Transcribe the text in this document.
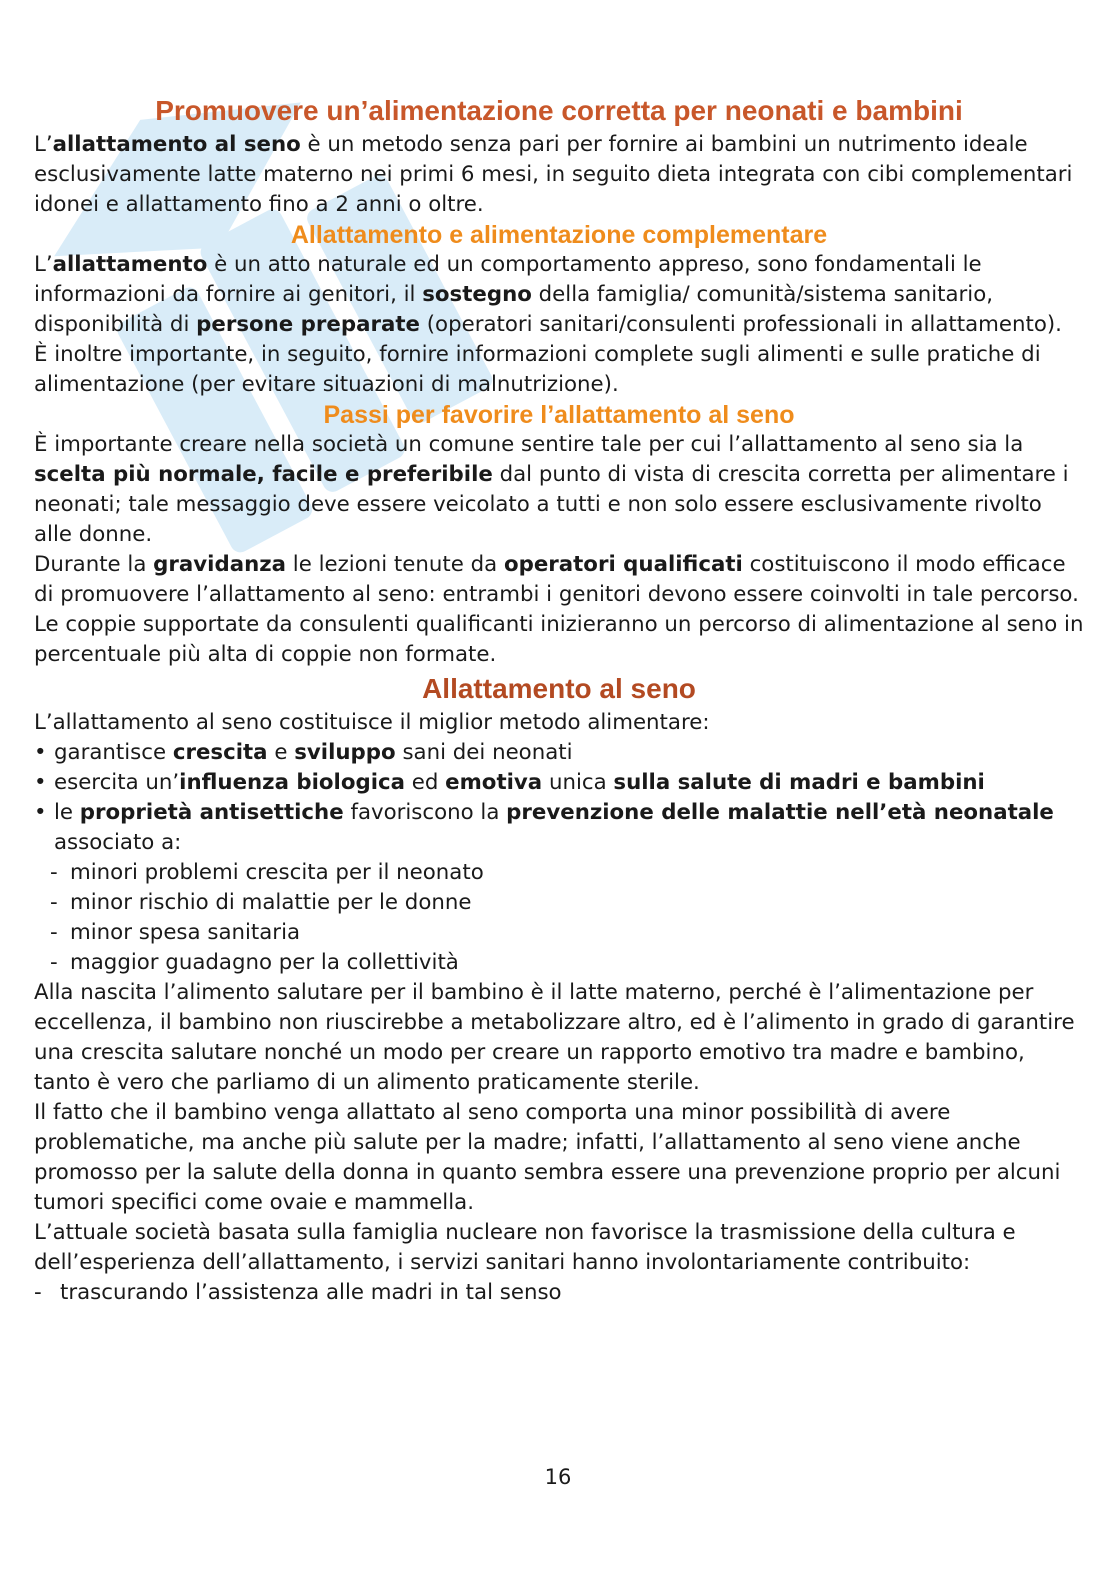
Promuovere un’alimentazione corretta per neonati e bambini

L’allattamento al seno è un metodo senza pari per fornire ai bambini un nutrimento ideale esclusivamente latte materno nei primi 6 mesi, in seguito dieta integrata con cibi complementari idonei e allattamento fino a 2 anni o oltre.

Allattamento e alimentazione complementare

L’allattamento è un atto naturale ed un comportamento appreso, sono fondamentali le informazioni da fornire ai genitori, il sostegno della famiglia/ comunità/sistema sanitario, disponibilità di persone preparate (operatori sanitari/consulenti professionali in allattamento).

È inoltre importante, in seguito, fornire informazioni complete sugli alimenti e sulle pratiche di alimentazione (per evitare situazioni di malnutrizione).

Passi per favorire l’allattamento al seno

È importante creare nella società un comune sentire tale per cui l’allattamento al seno sia la scelta più normale, facile e preferibile dal punto di vista di crescita corretta per alimentare i neonati; tale messaggio deve essere veicolato a tutti e non solo essere esclusivamente rivolto alle donne.

Durante la gravidanza le lezioni tenute da operatori qualificati costituiscono il modo efficace di promuovere l’allattamento al seno: entrambi i genitori devono essere coinvolti in tale percorso.

Le coppie supportate da consulenti qualificanti inizieranno un percorso di alimentazione al seno in percentuale più alta di coppie non formate.

Allattamento al seno

L’allattamento al seno costituisce il miglior metodo alimentare:

• garantisce crescita e sviluppo sani dei neonati
• esercita un’influenza biologica ed emotiva unica sulla salute di madri e bambini
• le proprietà antisettiche favoriscono la prevenzione delle malattie nell’età neonatale associato a:
- minori problemi crescita per il neonato
- minor rischio di malattie per le donne
- minor spesa sanitaria
- maggior guadagno per la collettività

Alla nascita l’alimento salutare per il bambino è il latte materno, perché è l’alimentazione per eccellenza, il bambino non riuscirebbe a metabolizzare altro, ed è l’alimento in grado di garantire una crescita salutare nonché un modo per creare un rapporto emotivo tra madre e bambino, tanto è vero che parliamo di un alimento praticamente sterile.

Il fatto che il bambino venga allattato al seno comporta una minor possibilità di avere problematiche, ma anche più salute per la madre; infatti, l’allattamento al seno viene anche promosso per la salute della donna in quanto sembra essere una prevenzione proprio per alcuni tumori specifici come ovaie e mammella.

L’attuale società basata sulla famiglia nucleare non favorisce la trasmissione della cultura e dell’esperienza dell’allattamento, i servizi sanitari hanno involontariamente contribuito:

- trascurando l’assistenza alle madri in tal senso
16
